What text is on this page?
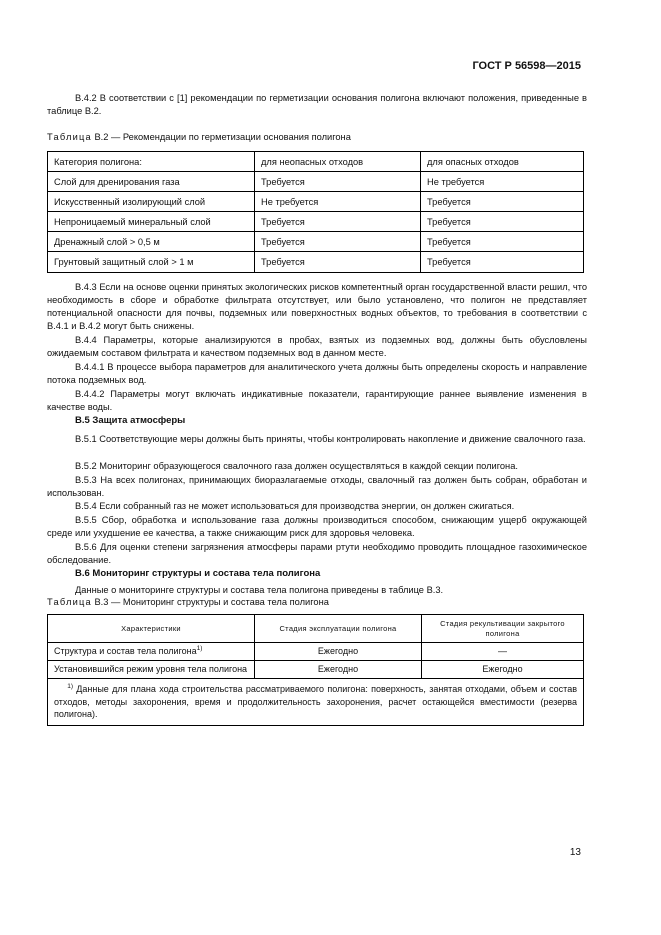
ГОСТ Р 56598—2015
В.4.2 В соответствии с [1] рекомендации по герметизации основания полигона включают положения, приведенные в таблице В.2.
Таблица В.2 — Рекомендации по герметизации основания полигона
Категория полигона:	для неопасных отходов	для опасных отходов
Слой для дренирования газа	Требуется	Не требуется
Искусственный изолирующий слой	Не требуется	Требуется
Непроницаемый минеральный слой	Требуется	Требуется
Дренажный слой > 0,5 м	Требуется	Требуется
Грунтовый защитный слой > 1 м	Требуется	Требуется
В.4.3 Если на основе оценки принятых экологических рисков компетентный орган государственной власти решил, что необходимость в сборе и обработке фильтрата отсутствует, или было установлено, что полигон не представляет потенциальной опасности для почвы, подземных или поверхностных водных объектов, то требования в соответствии с В.4.1 и В.4.2 могут быть снижены.
В.4.4 Параметры, которые анализируются в пробах, взятых из подземных вод, должны быть обусловлены ожидаемым составом фильтрата и качеством подземных вод в данном месте.
В.4.4.1 В процессе выбора параметров для аналитического учета должны быть определены скорость и направление потока подземных вод.
В.4.4.2 Параметры могут включать индикативные показатели, гарантирующие раннее выявление изменения в качестве воды.
В.5 Защита атмосферы
В.5.1 Соответствующие меры должны быть приняты, чтобы контролировать накопление и движение свалочного газа.
В.5.2 Мониторинг образующегося свалочного газа должен осуществляться в каждой секции полигона.
В.5.3 На всех полигонах, принимающих биоразлагаемые отходы, свалочный газ должен быть собран, обработан и использован.
В.5.4 Если собранный газ не может использоваться для производства энергии, он должен сжигаться.
В.5.5 Сбор, обработка и использование газа должны производиться способом, снижающим ущерб окружающей среде или ухудшение ее качества, а также снижающим риск для здоровья человека.
В.5.6 Для оценки степени загрязнения атмосферы парами ртути необходимо проводить площадное газохимическое обследование.
В.6 Мониторинг структуры и состава тела полигона
Данные о мониторинге структуры и состава тела полигона приведены в таблице В.3.
Таблица В.3 — Мониторинг структуры и состава тела полигона
Характеристики	Стадия эксплуатации полигона	Стадия рекультивации закрытого полигона
Структура и состав тела полигона$^{1)}$	Ежегодно	—
Установившийся режим уровня тела полигона	Ежегодно	Ежегодно
$^{1)}$ Данные для плана хода строительства рассматриваемого полигона: поверхность, занятая отходами, объем и состав отходов, методы захоронения, время и продолжительность захоронения, расчет остающейся вместимости (резерва полигона).		
13
